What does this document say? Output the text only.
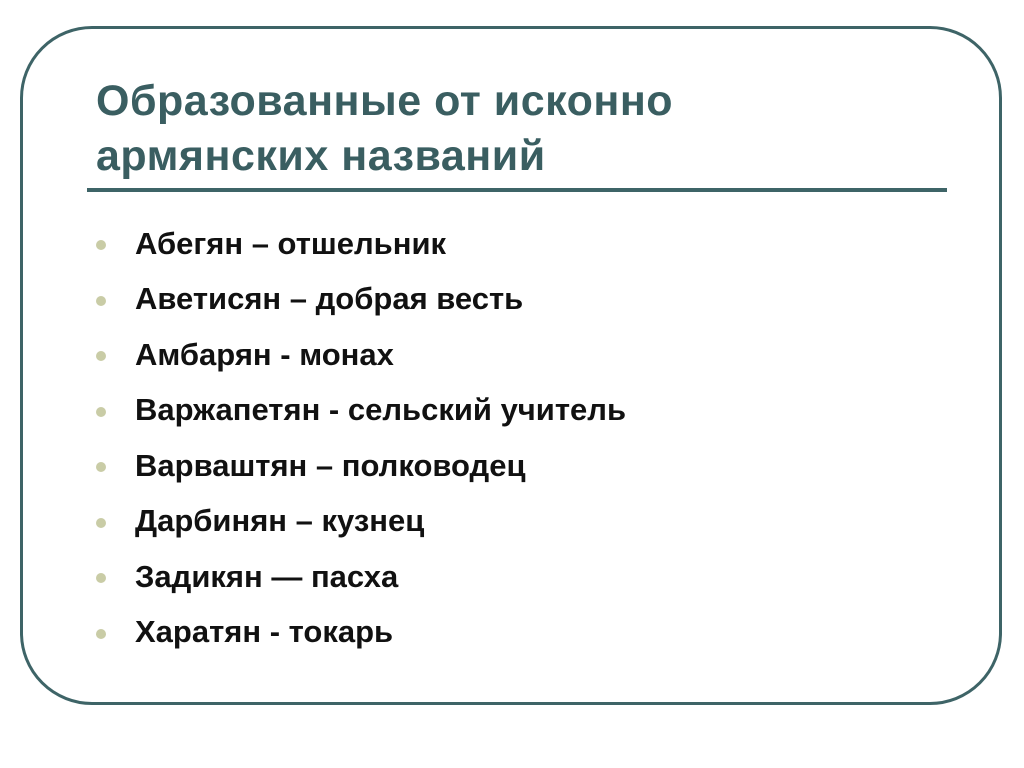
Образованные от исконно
армянских названий
Абегян – отшельник
Аветисян – добрая весть
Амбарян - монах
Варжапетян - сельский учитель
Варваштян – полководец
Дарбинян – кузнец
Задикян — пасха
Харатян - токарь
